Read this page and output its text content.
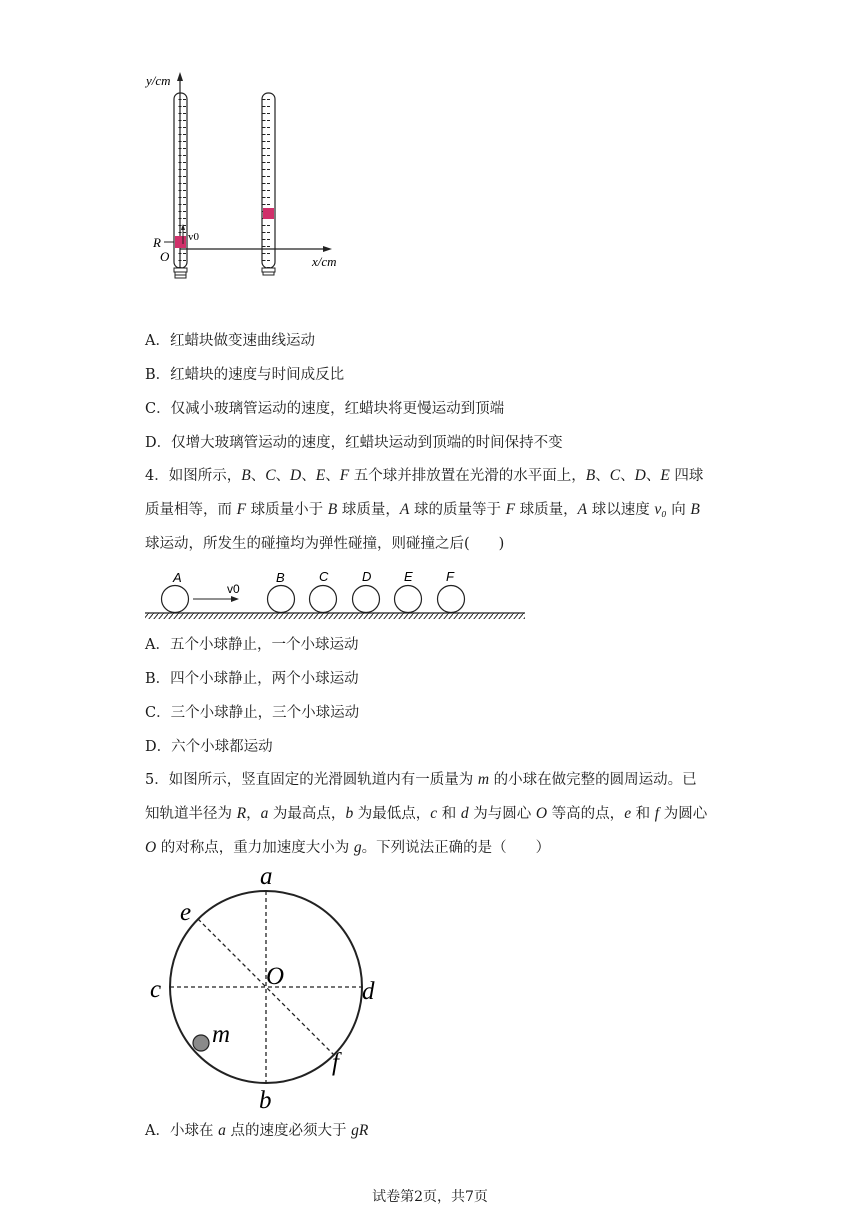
y/cm
v0
R
O	x/cm
A．红蜡块做变速曲线运动
B．红蜡块的速度与时间成反比
C．仅减小玻璃管运动的速度，红蜡块将更慢运动到顶端
D．仅增大玻璃管运动的速度，红蜡块运动到顶端的时间保持不变
4．如图所示，B、C、D、E、F 五个球并排放置在光滑的水平面上，B、C、D、E 四球
质量相等，而 F 球质量小于 B 球质量，A 球的质量等于 F 球质量，A 球以速度 v₀ 向 B
球运动，所发生的碰撞均为弹性碰撞，则碰撞之后(　　)
A
v0
B	C	D	E	F
A．五个小球静止，一个小球运动
B．四个小球静止，两个小球运动
C．三个小球静止，三个小球运动
D．六个小球都运动
5．如图所示，竖直固定的光滑圆轨道内有一质量为 m 的小球在做完整的圆周运动。已
知轨道半径为 R，a 为最高点，b 为最低点，c 和 d 为与圆心 O 等高的点，e 和 f 为圆心
O 的对称点，重力加速度大小为 g。下列说法正确的是（　　）
a
b
c	d
e
f
O
m
A．小球在 a 点的速度必须大于 gR
试卷第2页，共7页
